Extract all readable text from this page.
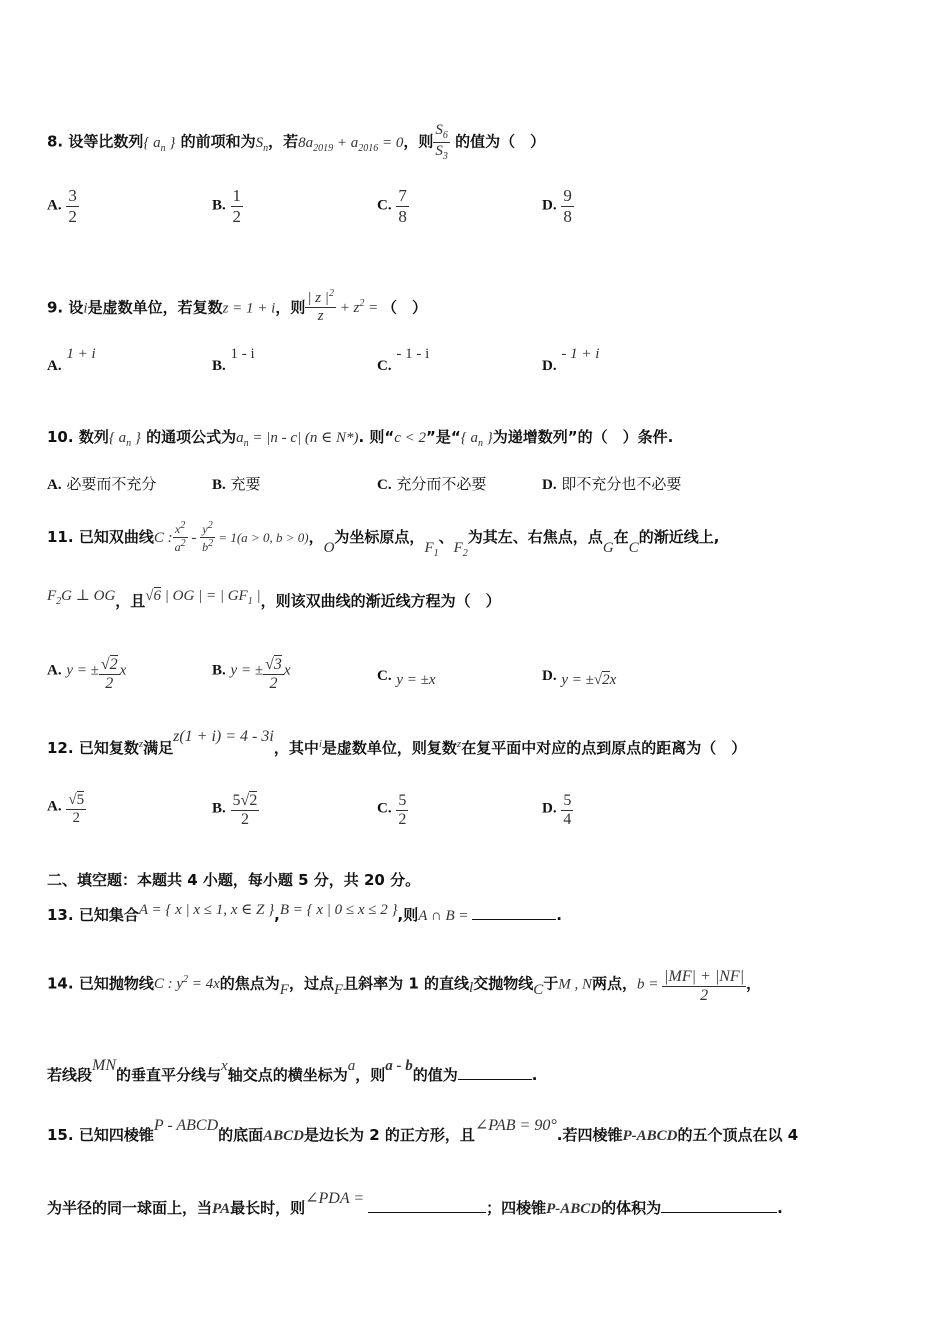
8. 设等比数列{ $a_n$ } 的前项和为$S_n$，若$8a_{2019} + a_{2016} = 0$，则 $\frac{S_6}{S_3}$ 的值为（　）
A. $\frac{3}{2}$	B. $\frac{1}{2}$	C. $\frac{7}{8}$	D. $\frac{9}{8}$
9. 设i是虚数单位，若复数z = 1 + i，则 $\frac{| z |^2}{z} + z^2$ = （　）
A. 1 + i
B. 1 - i
C. - 1 - i
D. - 1 + i
10. 数列{ $a_n$ } 的通项公式为$a_n = |n - c|$ (n ∈ N*). 则“c < 2”是“{ $a_n$ }为递增数列”的（　）条件.
A. 必要而不充分	B. 充要	C. 充分而不必要	D. 即不充分也不必要
11. 已知双曲线C : $\frac{x^2}{a^2} - \frac{y^2}{b^2} = 1(a > 0$, b > 0)，O为坐标原点，$F_1$、$F_2$为其左、右焦点，点G在C的渐近线上,
$F_2G$ ⊥ OG，且√6 | OG | = | $GF_1$ |，则该双曲线的渐近线方程为（　）
A. y = ± $\frac{√2}{2}$ x	B. y = ± $\frac{√3}{2}$ x	C. y = ±x	D. y = ±√2x
12. 已知复数$^z$满足z(1 + i) = 4 - 3i，其中$^i$是虚数单位，则复数$^z$在复平面中对应的点到原点的距离为（　）
A. $\frac{√5}{2}$	B. $\frac{5√2}{2}$	C. $\frac{5}{2}$	D. $\frac{5}{4}$
二、填空题：本题共 4 小题，每小题 5 分，共 20 分。
13. 已知集合A = { x | x ≤ 1, x ∈ Z },B = { x | 0 ≤ x ≤ 2 },则A ∩ B =	.
14. 已知抛物线C : $y^2 = 4x$的焦点为F，过点F且斜率为 1 的直线l交抛物线C于M , N两点，$b = \frac{|MF| + |NF|}{2}$ ，
若线段MN的垂直平分线与x轴交点的横坐标为a，则a - b的值为	.
15. 已知四棱锥P - ABCD的底面ABCD是边长为 2 的正方形，且∠PAB = 90°.若四棱锥P-ABCD的五个顶点在以 4
为半径的同一球面上，当PA最长时，则∠PDA = ；四棱锥P-ABCD的体积为	.
